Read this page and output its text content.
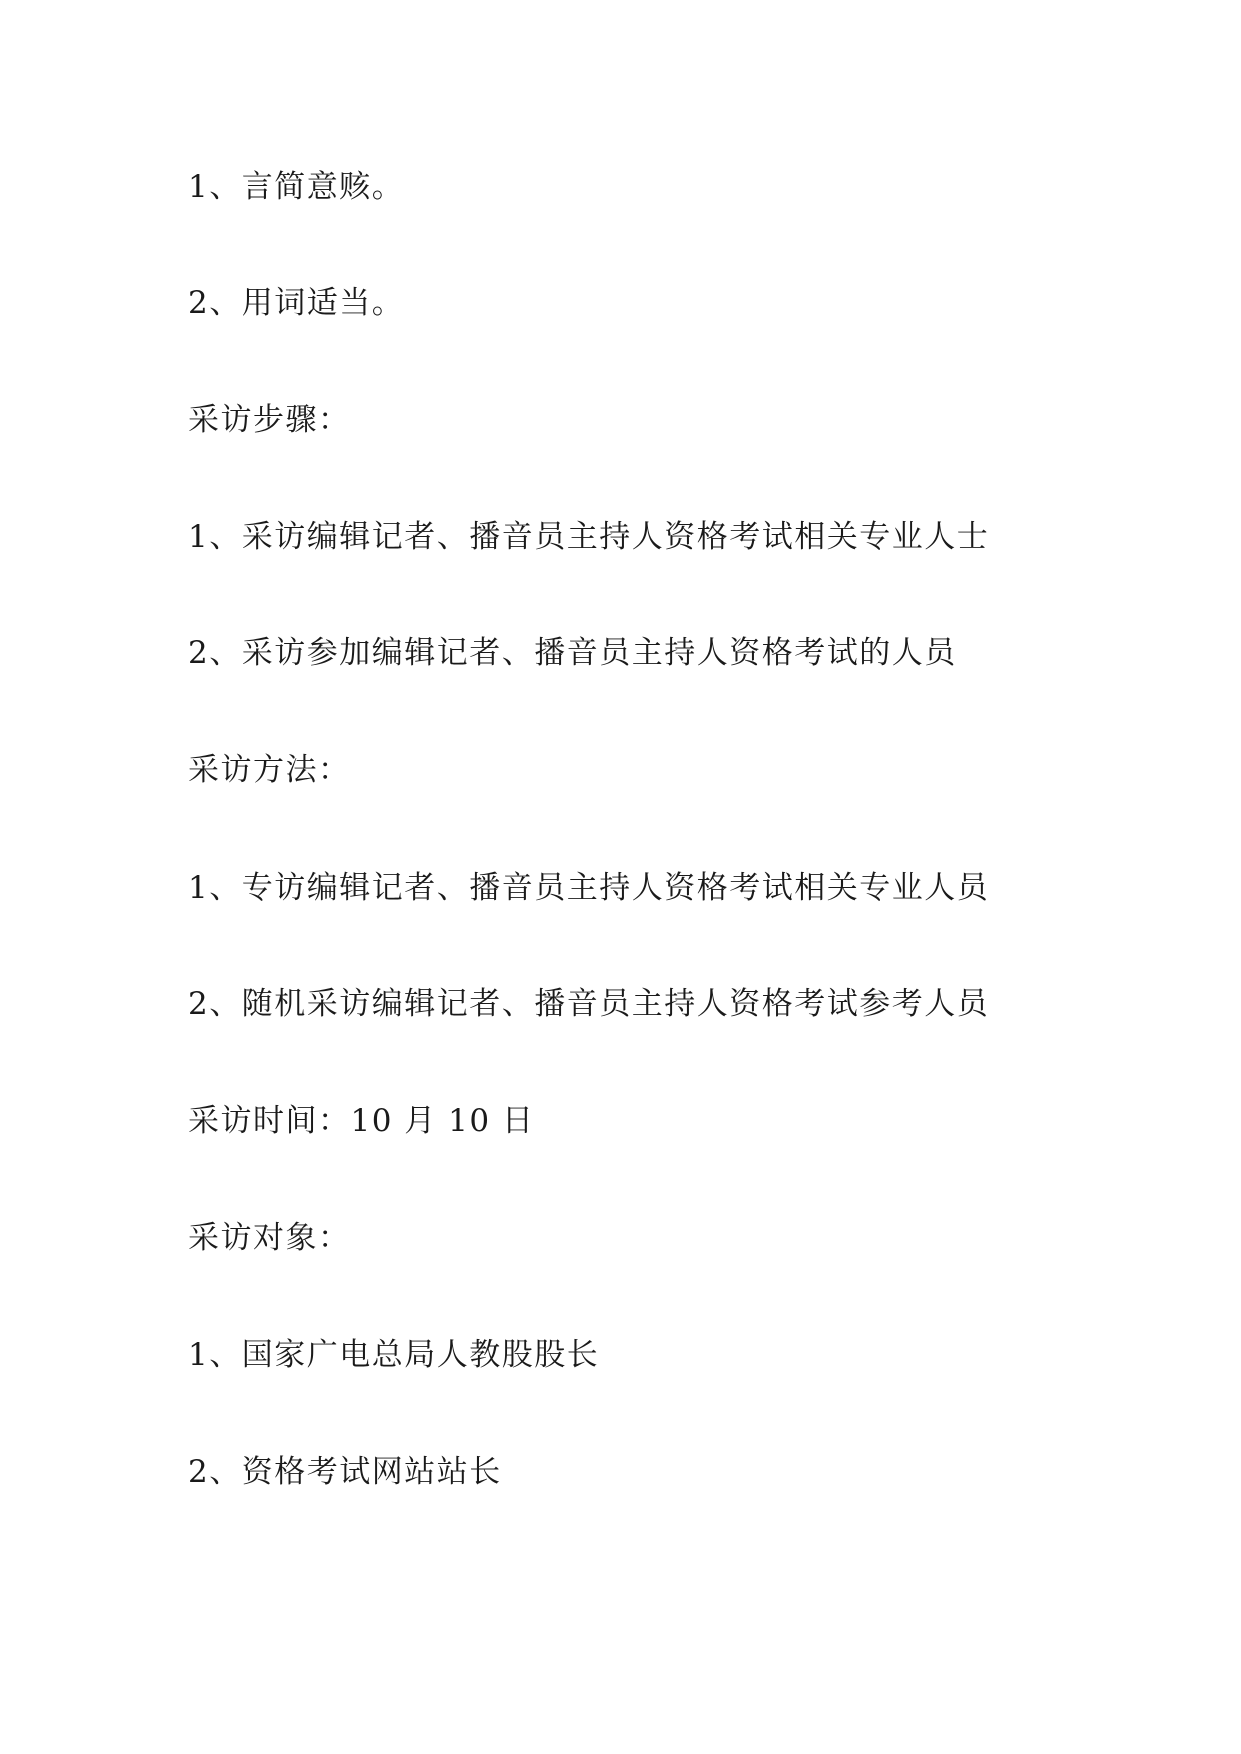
1、言简意赅。
2、用词适当。
采访步骤：
1、采访编辑记者、播音员主持人资格考试相关专业人士
2、采访参加编辑记者、播音员主持人资格考试的人员
采访方法：
1、专访编辑记者、播音员主持人资格考试相关专业人员
2、随机采访编辑记者、播音员主持人资格考试参考人员
采访时间：10 月 10 日
采访对象：
1、国家广电总局人教股股长
2、资格考试网站站长
